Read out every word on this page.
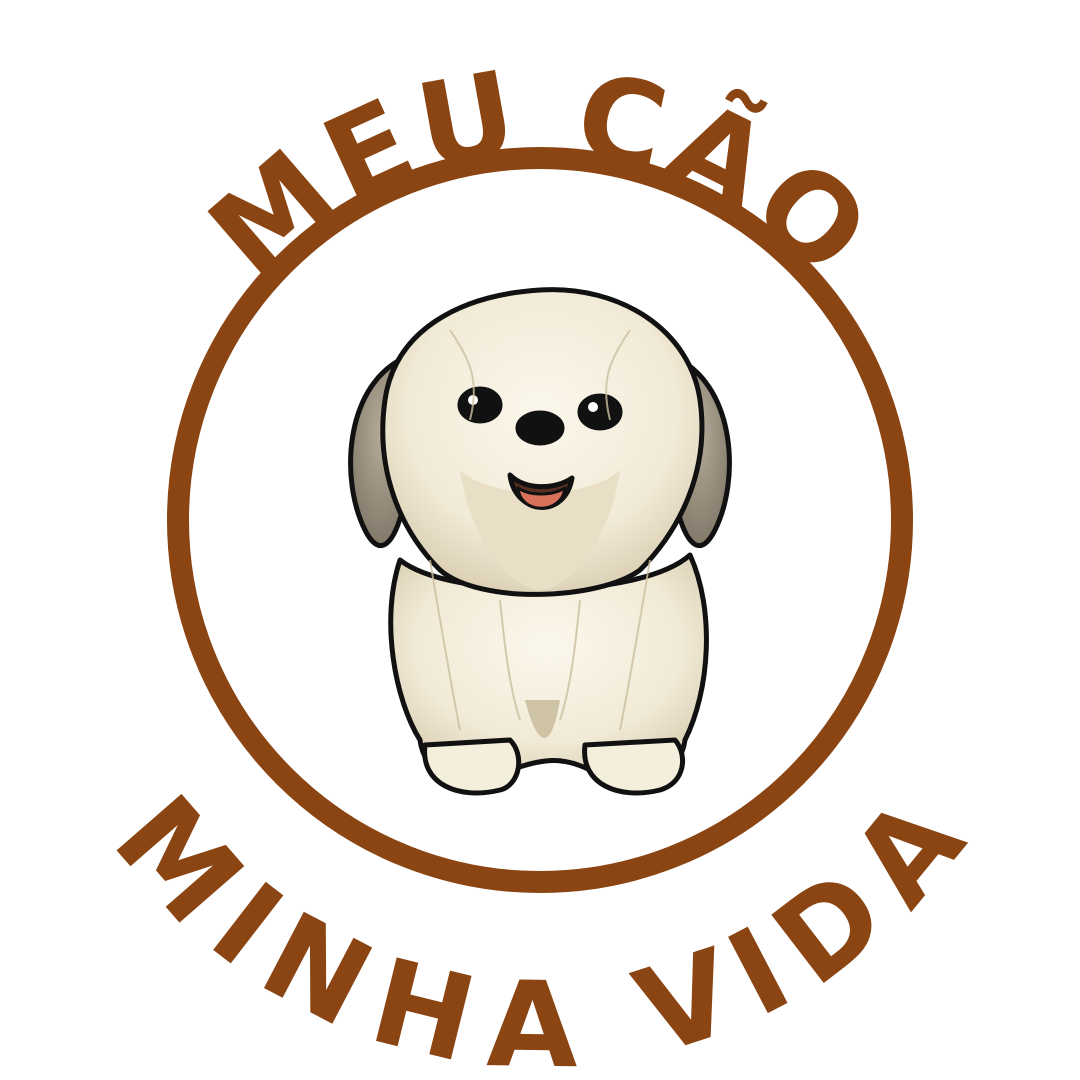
MEU CÃO
MINHA VIDA
